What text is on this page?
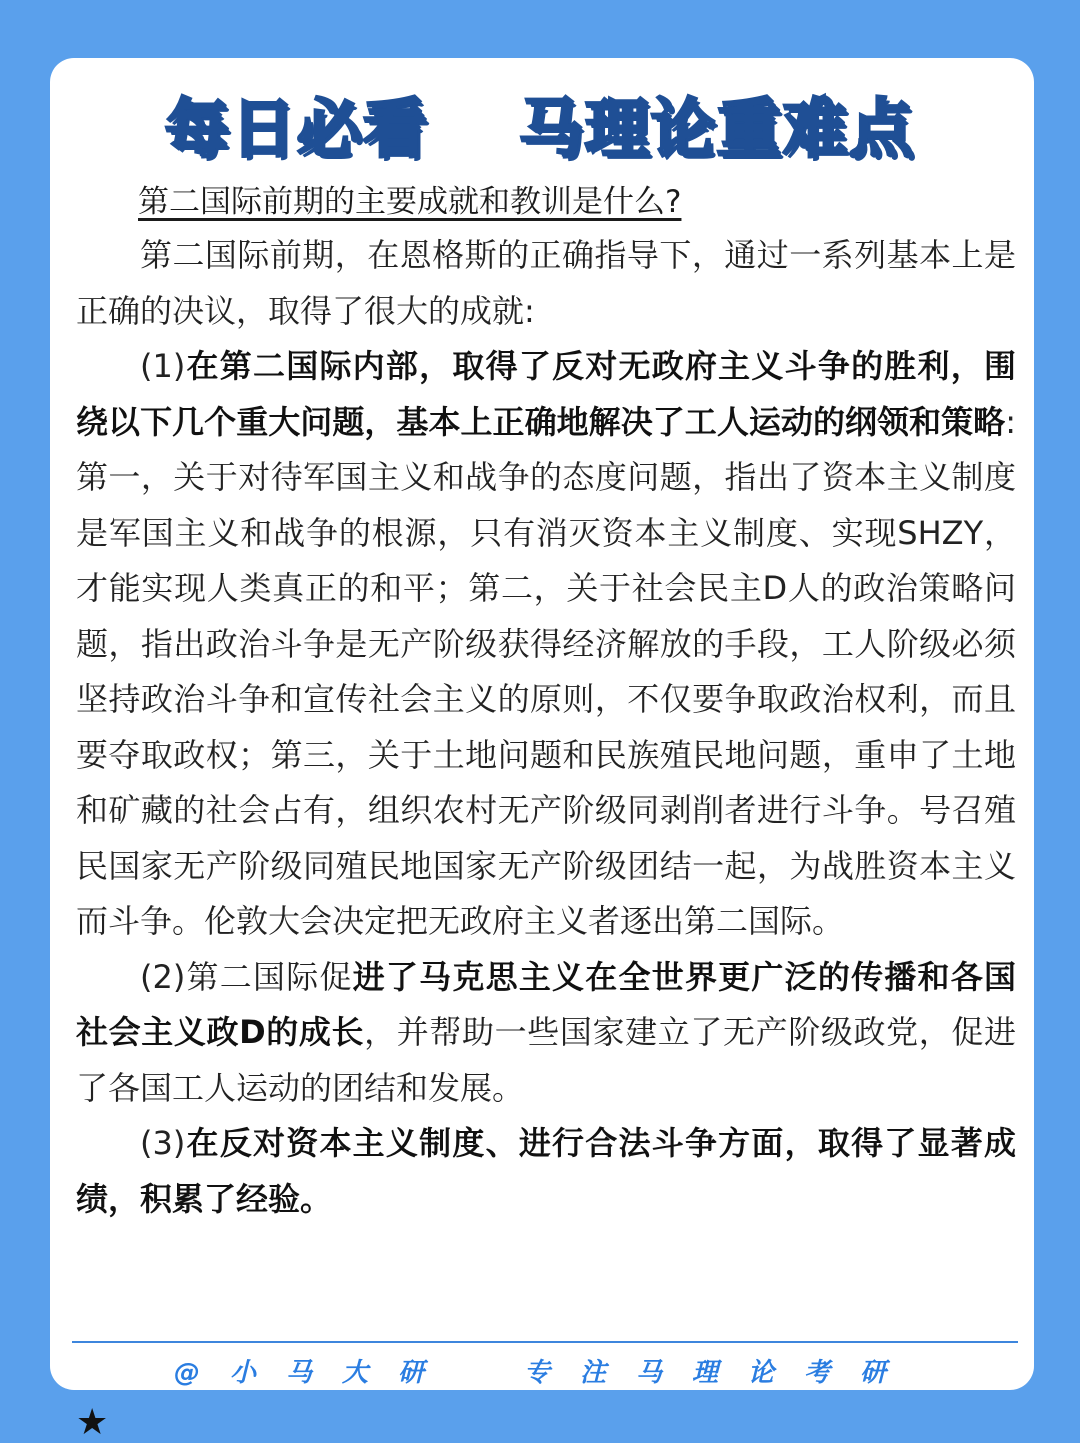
每日必看 马理论重难点

第二国际前期的主要成就和教训是什么?

第二国际前期，在恩格斯的正确指导下，通过一系列基本上是正确的决议，取得了很大的成就:

(1)在第二国际内部，取得了反对无政府主义斗争的胜利，围绕以下几个重大问题，基本上正确地解决了工人运动的纲领和策略: 第一，关于对待军国主义和战争的态度问题，指出了资本主义制度是军国主义和战争的根源，只有消灭资本主义制度、实现SHZY，才能实现人类真正的和平；第二，关于社会民主D人的政治策略问题，指出政治斗争是无产阶级获得经济解放的手段，工人阶级必须坚持政治斗争和宣传社会主义的原则，不仅要争取政治权利，而且要夺取政权；第三，关于土地问题和民族殖民地问题，重申了土地和矿藏的社会占有，组织农村无产阶级同剥削者进行斗争。号召殖民国家无产阶级同殖民地国家无产阶级团结一起，为战胜资本主义而斗争。伦敦大会决定把无政府主义者逐出第二国际。

(2)第二国际促进了马克思主义在全世界更广泛的传播和各国社会主义政D的成长，并帮助一些国家建立了无产阶级政党，促进了各国工人运动的团结和发展。

(3)在反对资本主义制度、进行合法斗争方面，取得了显著成绩，积累了经验。

@小马大研	专注马理论考研
★
